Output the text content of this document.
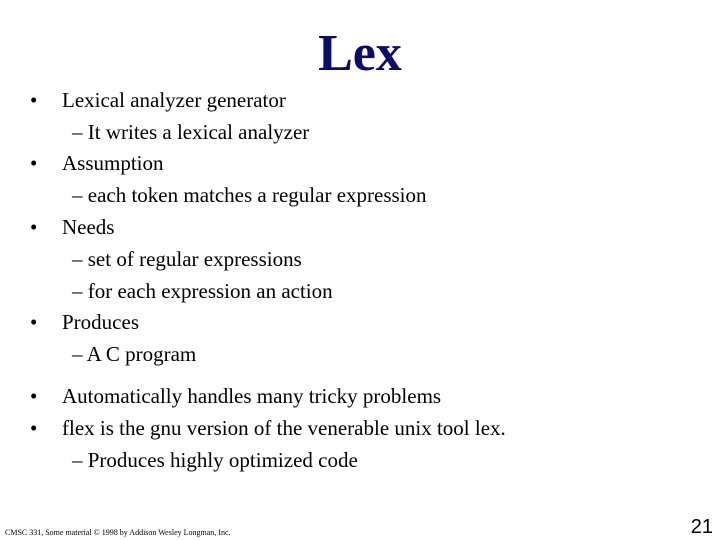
Lex
• Lexical analyzer generator
– It writes a lexical analyzer
• Assumption
– each token matches a regular expression
• Needs
– set of regular expressions
– for each expression an action
• Produces
– A C program
• Automatically handles many tricky problems
• flex is the gnu version of the venerable unix tool lex.
– Produces highly optimized code
CMSC 331, Some material © 1998 by Addison Wesley Longman, Inc.	21
